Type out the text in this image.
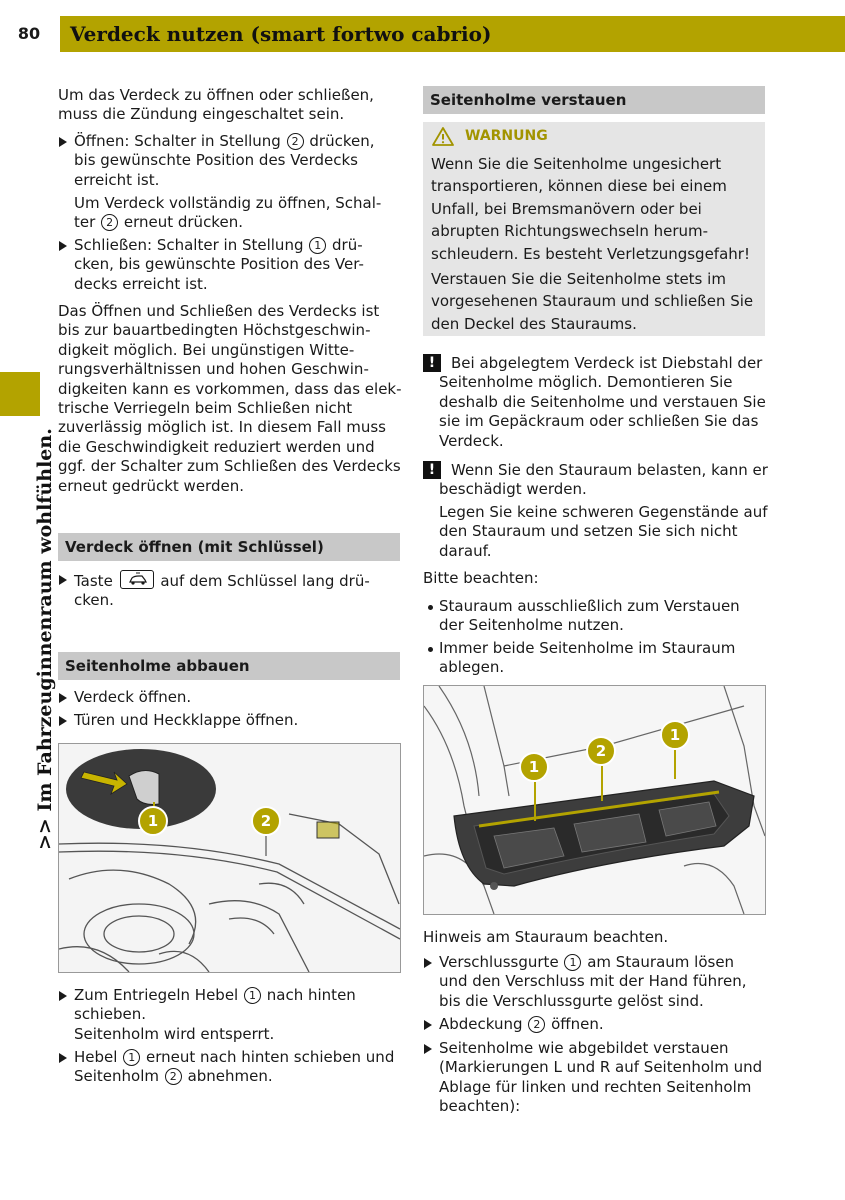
80	Verdeck nutzen (smart fortwo cabrio)
>> Im Fahrzeuginnenraum wohlfühlen.

Um das Verdeck zu öffnen oder schließen,

muss die Zündung eingeschaltet sein.

Öffnen: Schalter in Stellung 2 drücken,
bis gewünschte Position des Verdecks
erreicht ist.
Um Verdeck vollständig zu öffnen, Schal-
ter 2 erneut drücken.
Schließen: Schalter in Stellung 1 drü-
cken, bis gewünschte Position des Ver-
decks erreicht ist.

Das Öffnen und Schließen des Verdecks ist

bis zur bauartbedingten Höchstgeschwin-

digkeit möglich. Bei ungünstigen Witte-

rungsverhältnissen und hohen Geschwin-

digkeiten kann es vorkommen, dass das elek-

trische Verriegeln beim Schließen nicht

zuverlässig möglich ist. In diesem Fall muss

die Geschwindigkeit reduziert werden und

ggf. der Schalter zum Schließen des Verdecks

erneut gedrückt werden.

Verdeck öffnen (mit Schlüssel)
Taste	auf dem Schlüssel lang drü-
cken.
Seitenholme abbauen
Verdeck öffnen.
Türen und Heckklappe öffnen.
1	2
Zum Entriegeln Hebel 1 nach hinten
schieben.
Seitenholm wird entsperrt.
Hebel 1 erneut nach hinten schieben und
Seitenholm 2 abnehmen.
Seitenholme verstauen
WARNUNG

Wenn Sie die Seitenholme ungesichert

transportieren, können diese bei einem

Unfall, bei Bremsmanövern oder bei

abrupten Richtungswechseln herum-

schleudern. Es besteht Verletzungsgefahr!

Verstauen Sie die Seitenholme stets im

vorgesehenen Stauraum und schließen Sie

den Deckel des Stauraums.

!	Bei abgelegtem Verdeck ist Diebstahl der

Seitenholme möglich. Demontieren Sie

deshalb die Seitenholme und verstauen Sie

sie im Gepäckraum oder schließen Sie das

Verdeck.

!	Wenn Sie den Stauraum belasten, kann er

beschädigt werden.

Legen Sie keine schweren Gegenstände auf

den Stauraum und setzen Sie sich nicht

darauf.

Bitte beachten:
Stauraum ausschließlich zum Verstauen
der Seitenholme nutzen.
Immer beide Seitenholme im Stauraum
ablegen.
1
2
1
Hinweis am Stauraum beachten.
Verschlussgurte 1 am Stauraum lösen
und den Verschluss mit der Hand führen,
bis die Verschlussgurte gelöst sind.
Abdeckung 2 öffnen.
Seitenholme wie abgebildet verstauen
(Markierungen L und R auf Seitenholm und
Ablage für linken und rechten Seitenholm
beachten):
